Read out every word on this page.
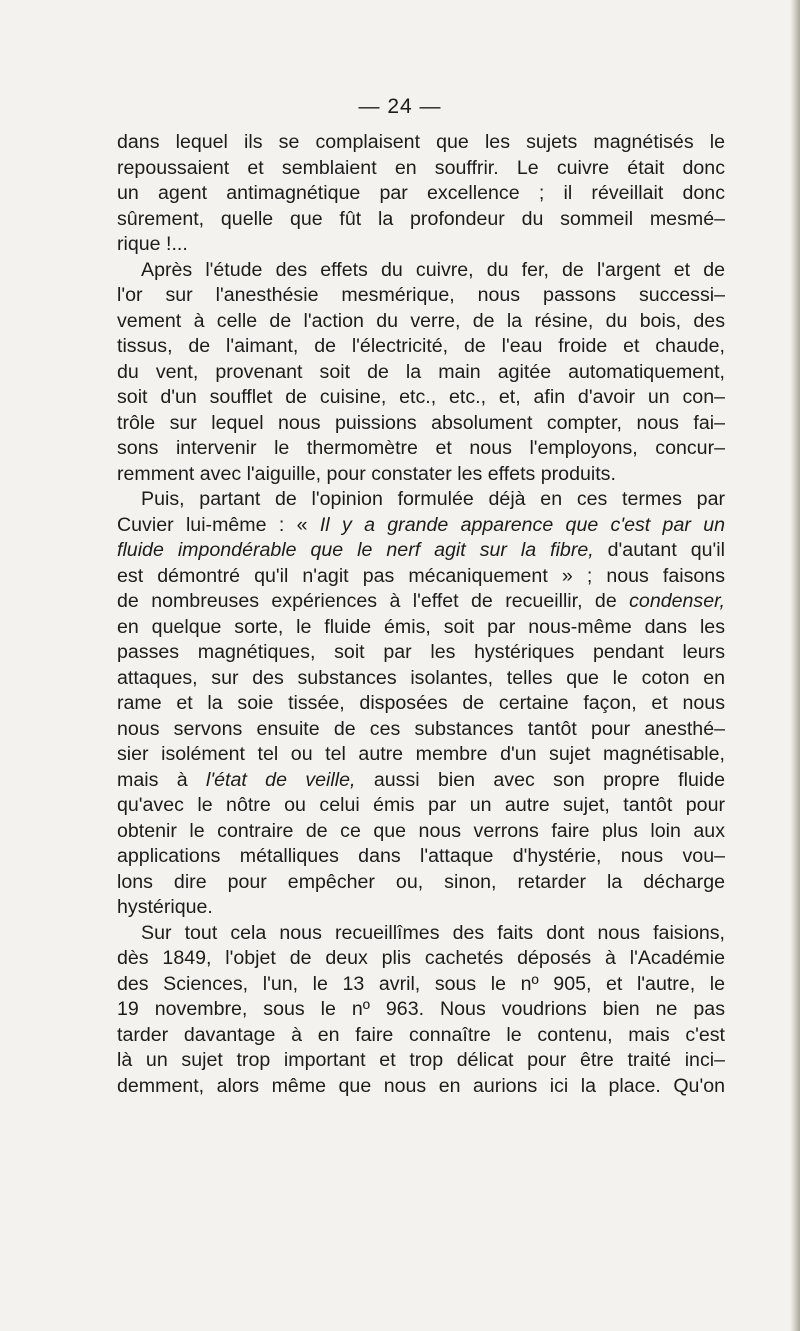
— 24 —
dans lequel ils se complaisent que les sujets magnétisés le
repoussaient et semblaient en souffrir. Le cuivre était donc
un agent antimagnétique par excellence ; il réveillait donc
sûrement, quelle que fût la profondeur du sommeil mesmé–
rique !...
Après l'étude des effets du cuivre, du fer, de l'argent et de
l'or sur l'anesthésie mesmérique, nous passons successi–
vement à celle de l'action du verre, de la résine, du bois, des
tissus, de l'aimant, de l'électricité, de l'eau froide et chaude,
du vent, provenant soit de la main agitée automatiquement,
soit d'un soufflet de cuisine, etc., etc., et, afin d'avoir un con–
trôle sur lequel nous puissions absolument compter, nous fai–
sons intervenir le thermomètre et nous l'employons, concur–
remment avec l'aiguille, pour constater les effets produits.
Puis, partant de l'opinion formulée déjà en ces termes par
Cuvier lui-même : « Il y a grande apparence que c'est par un
fluide impondérable que le nerf agit sur la fibre, d'autant qu'il
est démontré qu'il n'agit pas mécaniquement » ; nous faisons
de nombreuses expériences à l'effet de recueillir, de condenser,
en quelque sorte, le fluide émis, soit par nous-même dans les
passes magnétiques, soit par les hystériques pendant leurs
attaques, sur des substances isolantes, telles que le coton en
rame et la soie tissée, disposées de certaine façon, et nous
nous servons ensuite de ces substances tantôt pour anesthé–
sier isolément tel ou tel autre membre d'un sujet magnétisable,
mais à l'état de veille, aussi bien avec son propre fluide
qu'avec le nôtre ou celui émis par un autre sujet, tantôt pour
obtenir le contraire de ce que nous verrons faire plus loin aux
applications métalliques dans l'attaque d'hystérie, nous vou–
lons dire pour empêcher ou, sinon, retarder la décharge
hystérique.
Sur tout cela nous recueillîmes des faits dont nous faisions,
dès 1849, l'objet de deux plis cachetés déposés à l'Académie
des Sciences, l'un, le 13 avril, sous le nº 905, et l'autre, le
19 novembre, sous le nº 963. Nous voudrions bien ne pas
tarder davantage à en faire connaître le contenu, mais c'est
là un sujet trop important et trop délicat pour être traité inci–
demment, alors même que nous en aurions ici la place. Qu'on
